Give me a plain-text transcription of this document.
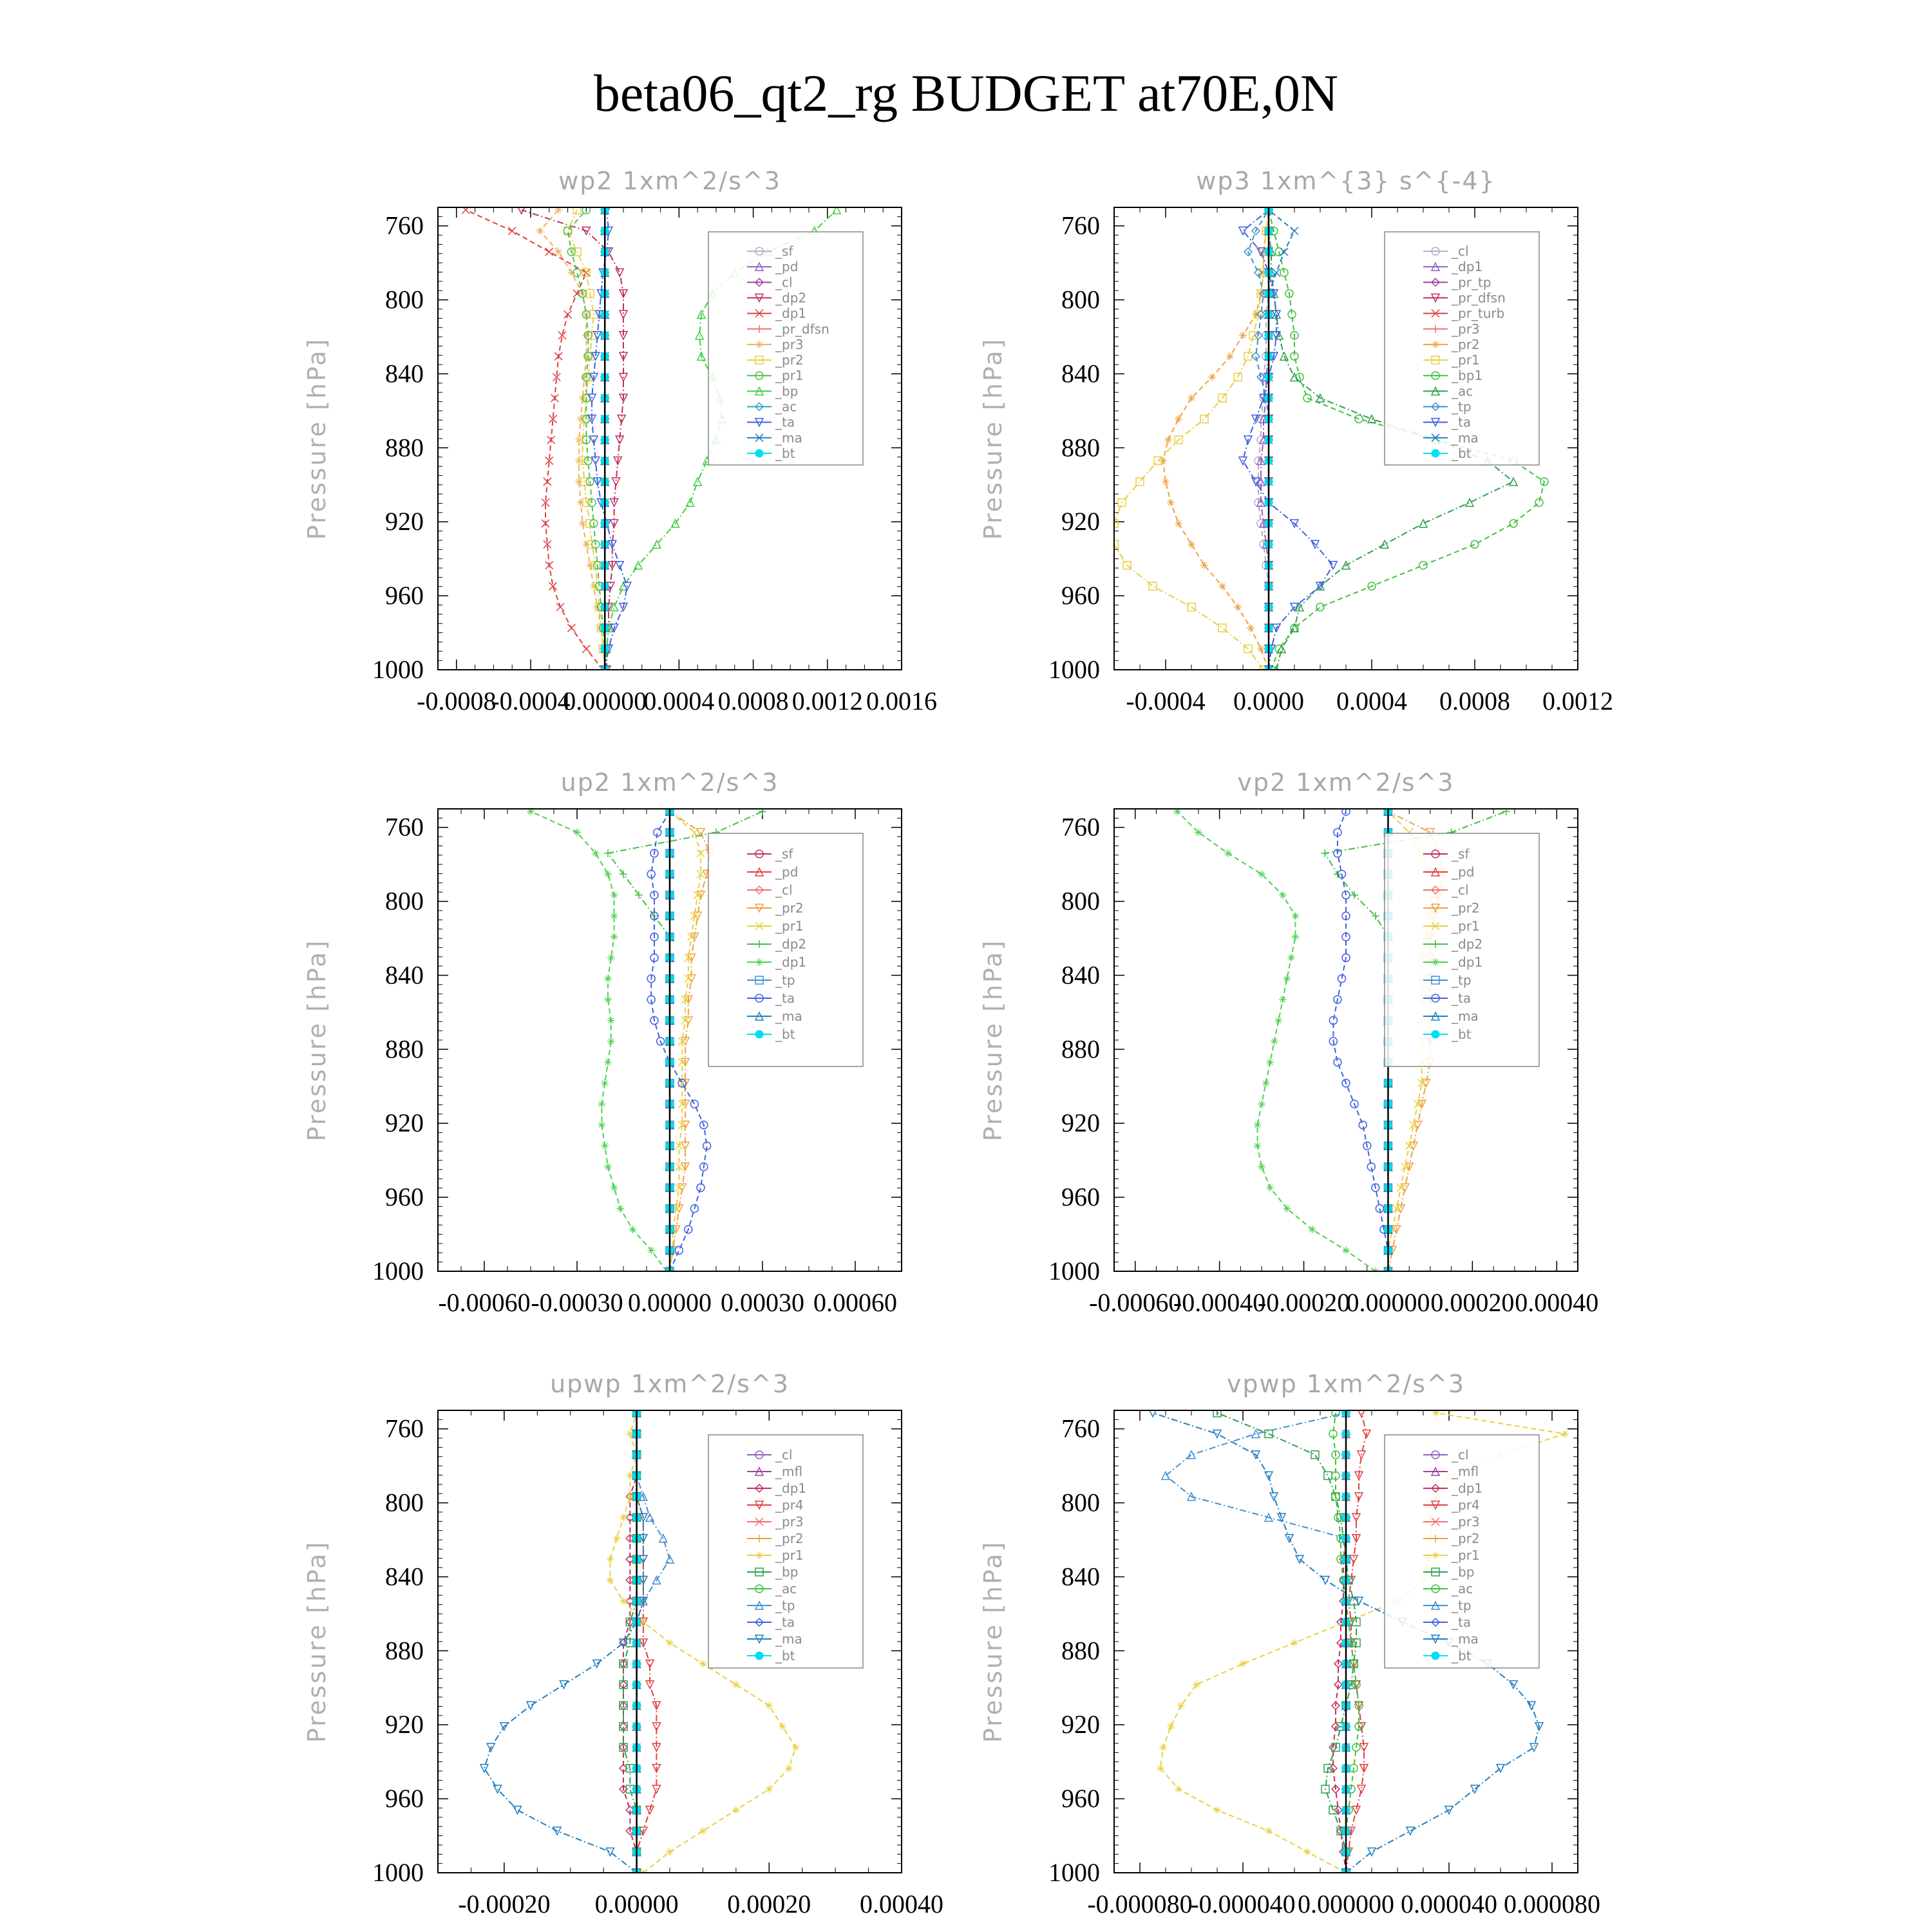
beta06_qt2_rg BUDGET at70E,0N
wp2 1xm^2/s^3
Pressure [hPa]
760
800
840
880
920
960
1000
-0.0008
-0.0004
0.00000
0.0004 0.0008 0.0012 0.0016
_sf
_pd
_cl
_dp2
_dp1
_pr_dfsn
_pr3
_pr2
_pr1
_bp
_ac
_ta
_ma
_bt
wp3 1xm^{3} s^{-4}
Pressure [hPa]
760
800
840
880
920
960
1000
-0.0004 0.0000 0.0004 0.0008 0.0012
_cl
_dp1
_pr_tp
_pr_dfsn
_pr_turb
_pr3
_pr2
_pr1
_bp1
_ac
_tp
_ta
_ma
_bt
up2 1xm^2/s^3
Pressure [hPa]
760
800
840
880
920
960
1000
-0.00060 -0.00030 0.00000 0.00030 0.00060
_sf
_pd
_cl
_pr2
_pr1
_dp2
_dp1
_tp
_ta
_ma
_bt
vp2 1xm^2/s^3
Pressure [hPa]
760
800
840
880
920
960
1000
-0.00060
-0.00040
-0.00020
0.00000 0.00020 0.00040
_sf
_pd
_cl
_pr2
_pr1
_dp2
_dp1
_tp
_ta
_ma
_bt
upwp 1xm^2/s^3
Pressure [hPa]
760
800
840
880
920
960
1000
-0.00020 0.00000 0.00020 0.00040
_cl
_mfl
_dp1
_pr4
_pr3
_pr2
_pr1
_bp
_ac
_tp
_ta
_ma
_bt
vpwp 1xm^2/s^3
Pressure [hPa]
760
800
840
880
920
960
1000
-0.000080
-0.000040 0.000000 0.000040 0.000080
_cl
_mfl
_dp1
_pr4
_pr3
_pr2
_pr1
_bp
_ac
_tp
_ta
_ma
_bt
